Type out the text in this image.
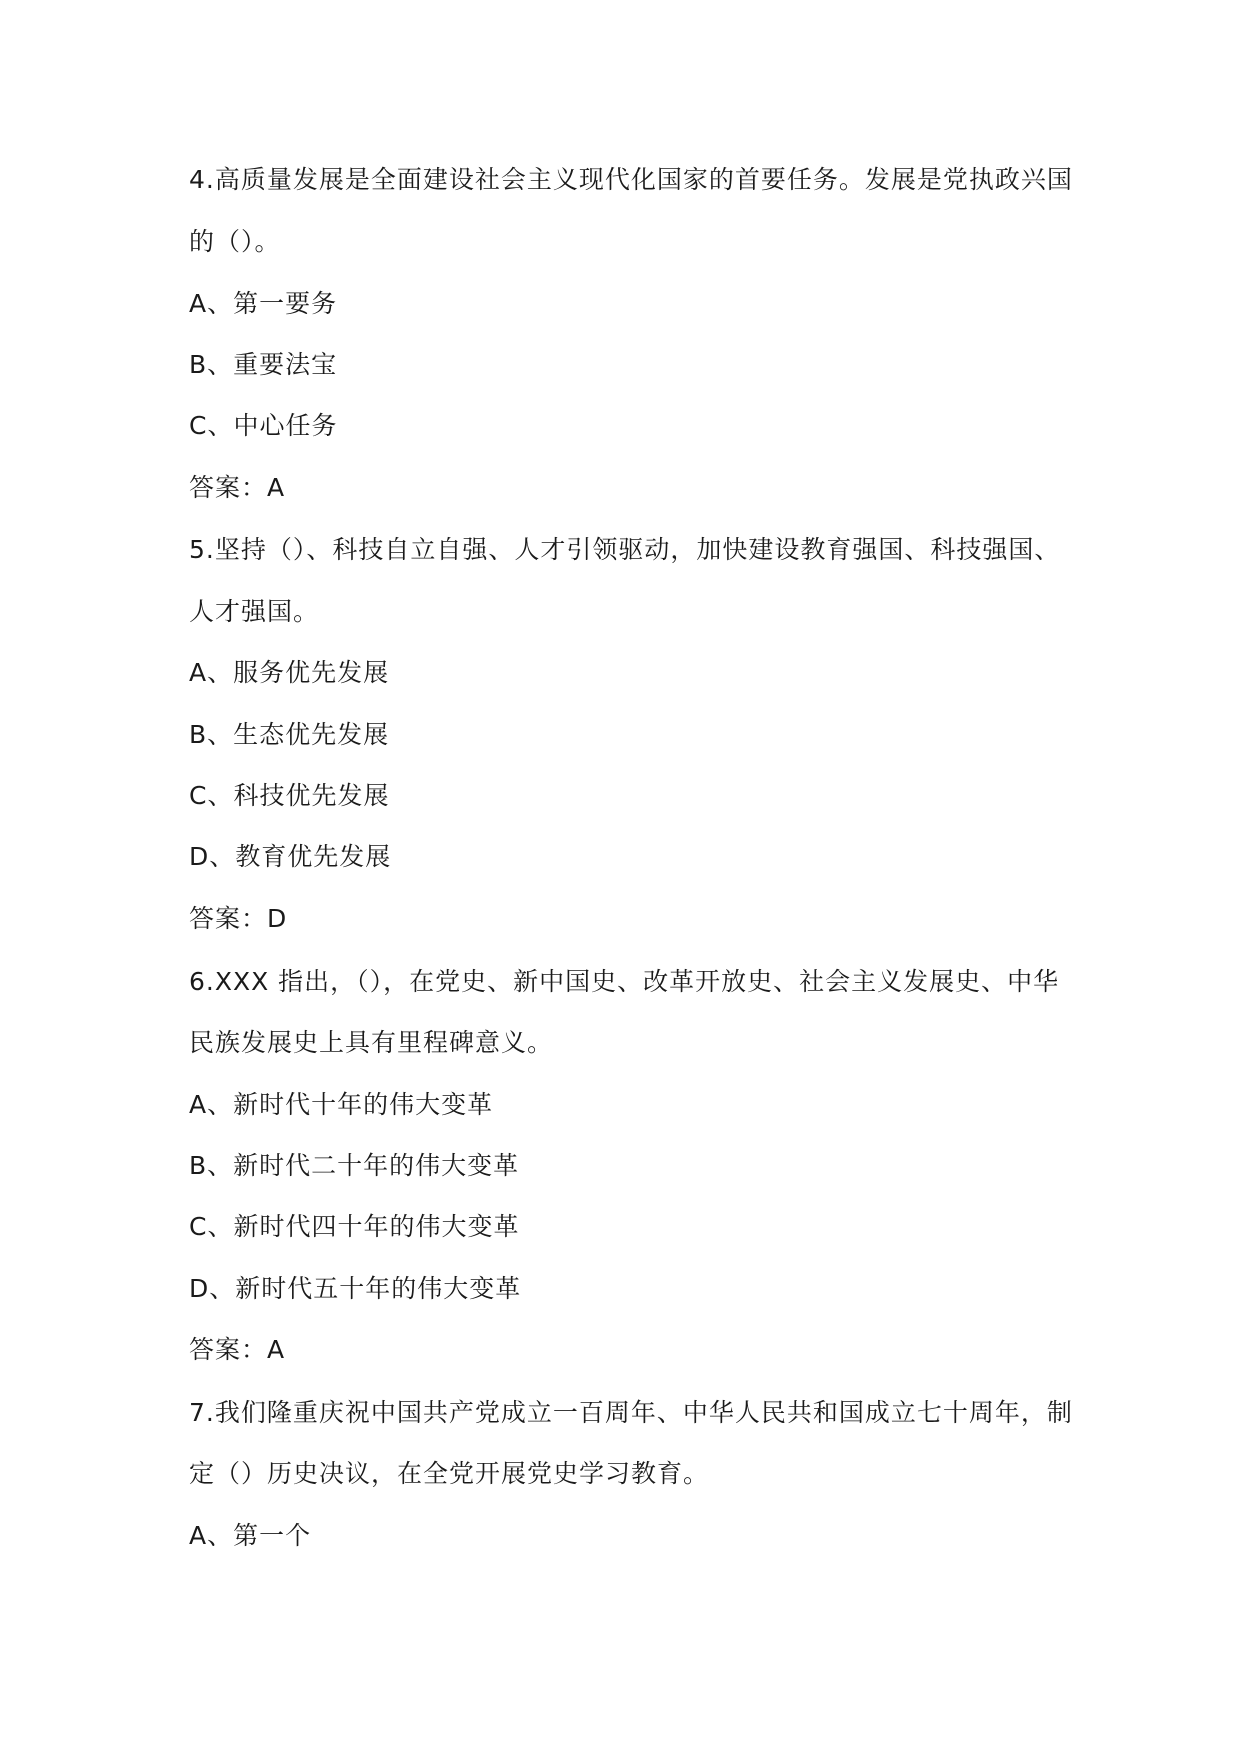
4.高质量发展是全面建设社会主义现代化国家的首要任务。发展是党执政兴国
的（）。
A、第一要务
B、重要法宝
C、中心任务
答案：A
5.坚持（）、科技自立自强、人才引领驱动，加快建设教育强国、科技强国、
人才强国。
A、服务优先发展
B、生态优先发展
C、科技优先发展
D、教育优先发展
答案：D
6.XXX 指出，（），在党史、新中国史、改革开放史、社会主义发展史、中华
民族发展史上具有里程碑意义。
A、新时代十年的伟大变革
B、新时代二十年的伟大变革
C、新时代四十年的伟大变革
D、新时代五十年的伟大变革
答案：A
7.我们隆重庆祝中国共产党成立一百周年、中华人民共和国成立七十周年，制
定（）历史决议，在全党开展党史学习教育。
A、第一个
